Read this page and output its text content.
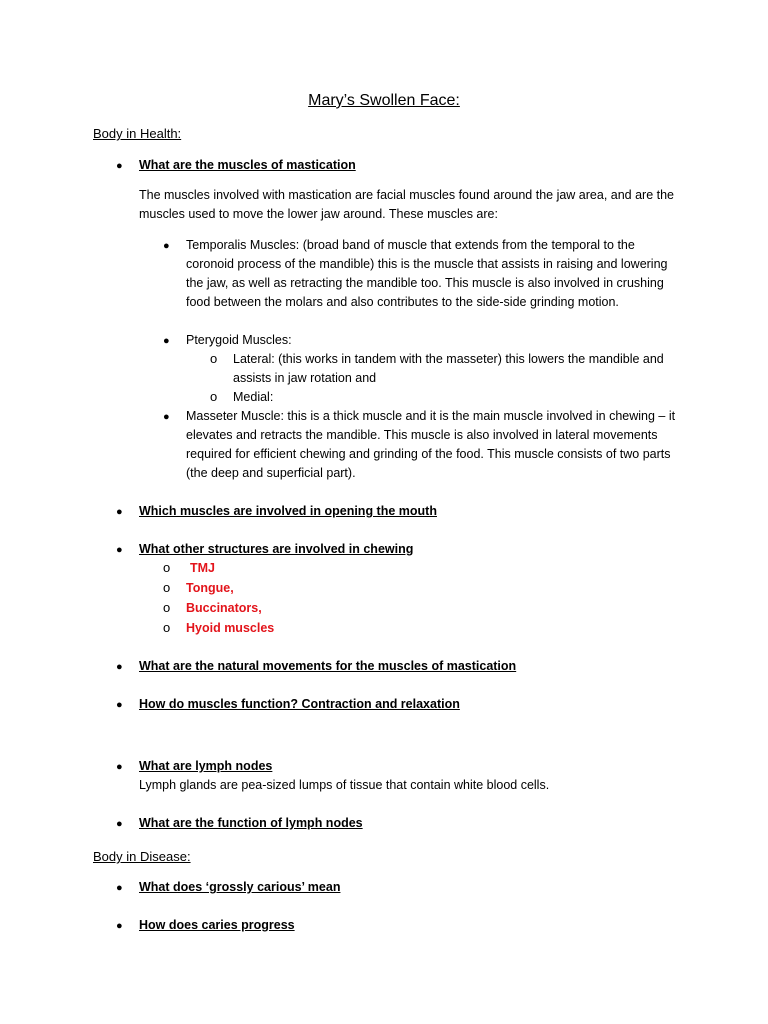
Mary’s Swollen Face:
Body in Health:
● What are the muscles of mastication
The muscles involved with mastication are facial muscles found around the jaw area, and are the muscles used to move the lower jaw around. These muscles are:
● Temporalis Muscles: (broad band of muscle that extends from the temporal to the coronoid process of the mandible) this is the muscle that assists in raising and lowering the jaw, as well as retracting the mandible too. This muscle is also involved in crushing food between the molars and also contributes to the side-side grinding motion.
● Pterygoid Muscles:
o Lateral: (this works in tandem with the masseter) this lowers the mandible and assists in jaw rotation and
o Medial:
● Masseter Muscle: this is a thick muscle and it is the main muscle involved in chewing – it elevates and retracts the mandible. This muscle is also involved in lateral movements required for efficient chewing and grinding of the food. This muscle consists of two parts (the deep and superficial part).
● Which muscles are involved in opening the mouth
● What other structures are involved in chewing
o TMJ
o Tongue,
o Buccinators,
o Hyoid muscles
● What are the natural movements for the muscles of mastication
● How do muscles function? Contraction and relaxation
● What are lymph nodes
Lymph glands are pea-sized lumps of tissue that contain white blood cells.
● What are the function of lymph nodes
Body in Disease:
● What does ‘grossly carious’ mean
● How does caries progress
